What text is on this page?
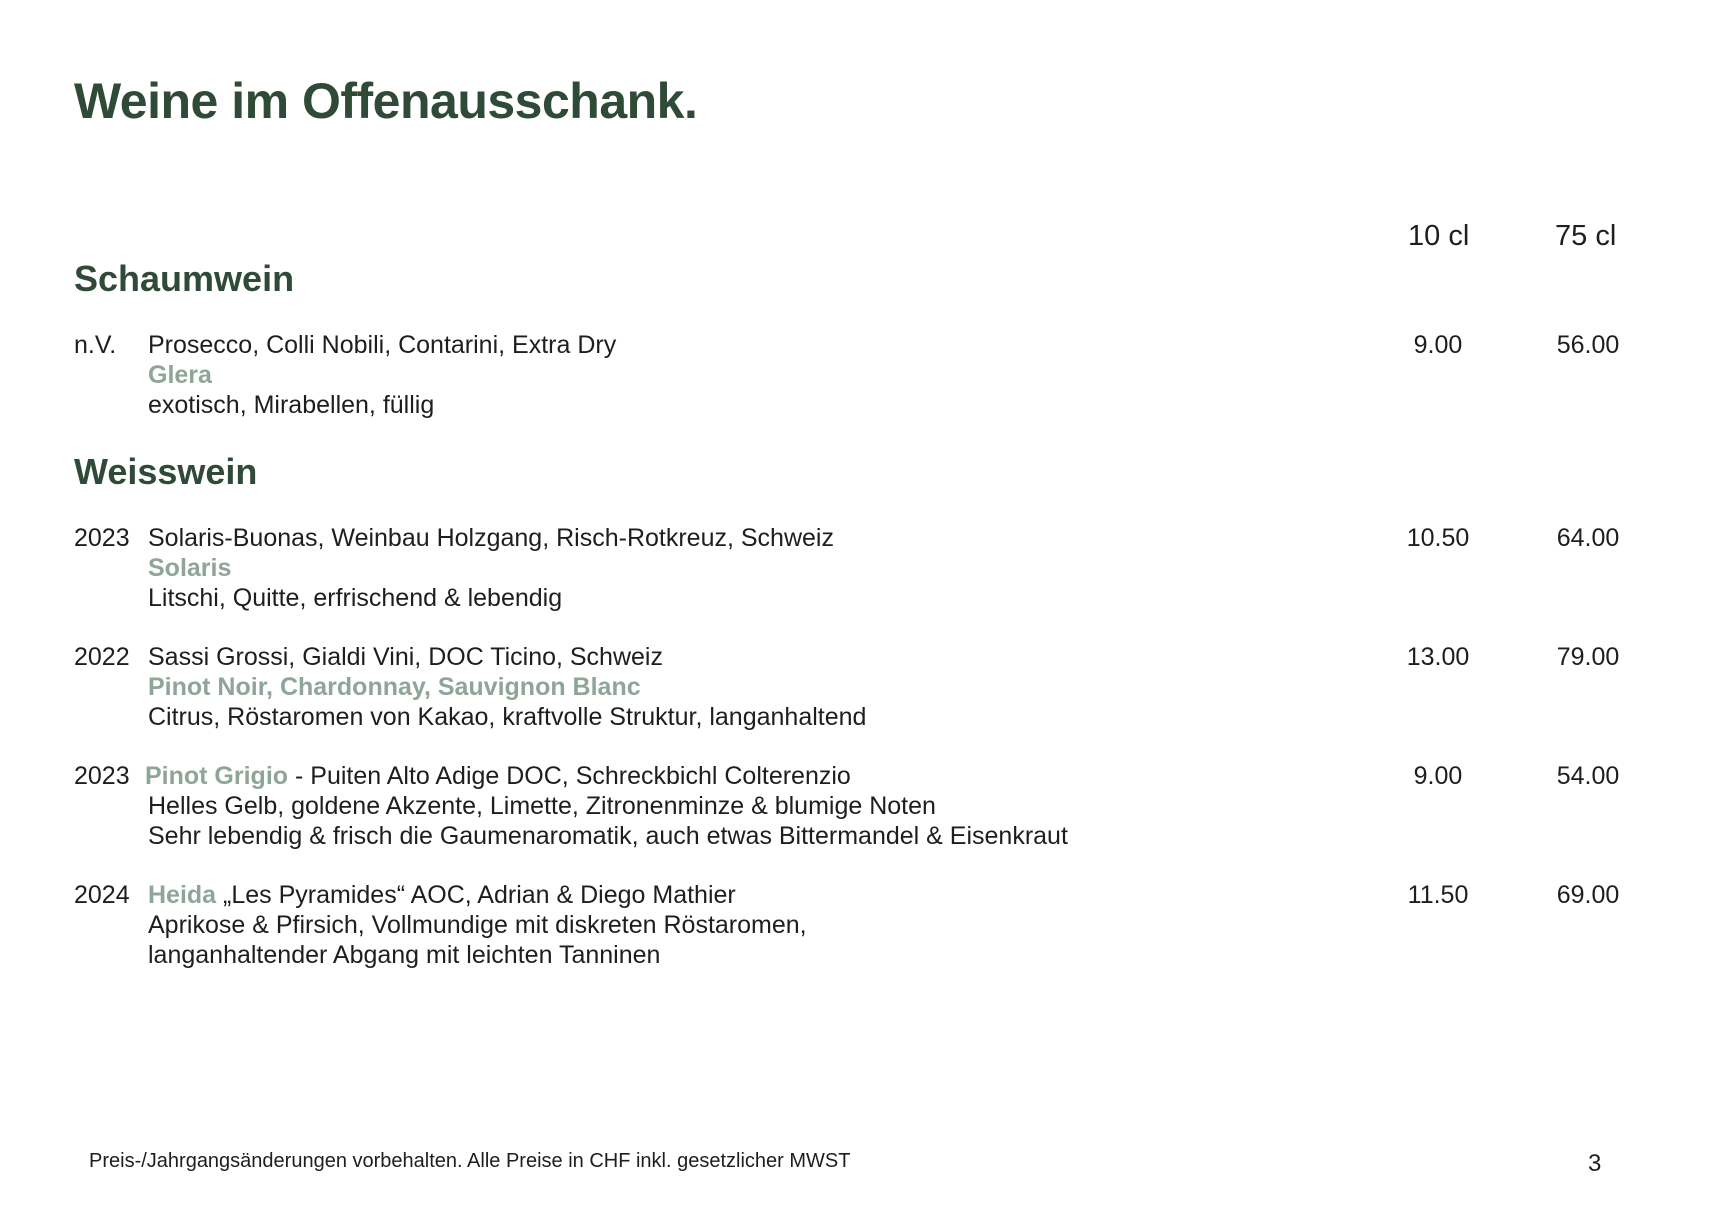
Weine im Offenausschank.
10 cl	75 cl
Schaumwein
n.V. Prosecco, Colli Nobili, Contarini, Extra Dry
Glera
exotisch, Mirabellen, füllig
9.00	56.00
Weisswein
2023 Solaris-Buonas, Weinbau Holzgang, Risch-Rotkreuz, Schweiz
Solaris
Litschi, Quitte, erfrischend & lebendig
10.50	64.00
2022 Sassi Grossi, Gialdi Vini, DOC Ticino, Schweiz
Pinot Noir, Chardonnay, Sauvignon Blanc
Citrus, Röstaromen von Kakao, kraftvolle Struktur, langanhaltend
13.00	79.00
2023 Pinot Grigio - Puiten Alto Adige DOC, Schreckbichl Colterenzio
Helles Gelb, goldene Akzente, Limette, Zitronenminze & blumige Noten
Sehr lebendig & frisch die Gaumenaromatik, auch etwas Bittermandel & Eisenkraut
9.00	54.00
2024 Heida „Les Pyramides“ AOC, Adrian & Diego Mathier
Aprikose & Pfirsich, Vollmundige mit diskreten Röstaromen,
langanhaltender Abgang mit leichten Tanninen
11.50	69.00
Preis-/Jahrgangsänderungen vorbehalten. Alle Preise in CHF inkl. gesetzlicher MWST	3
